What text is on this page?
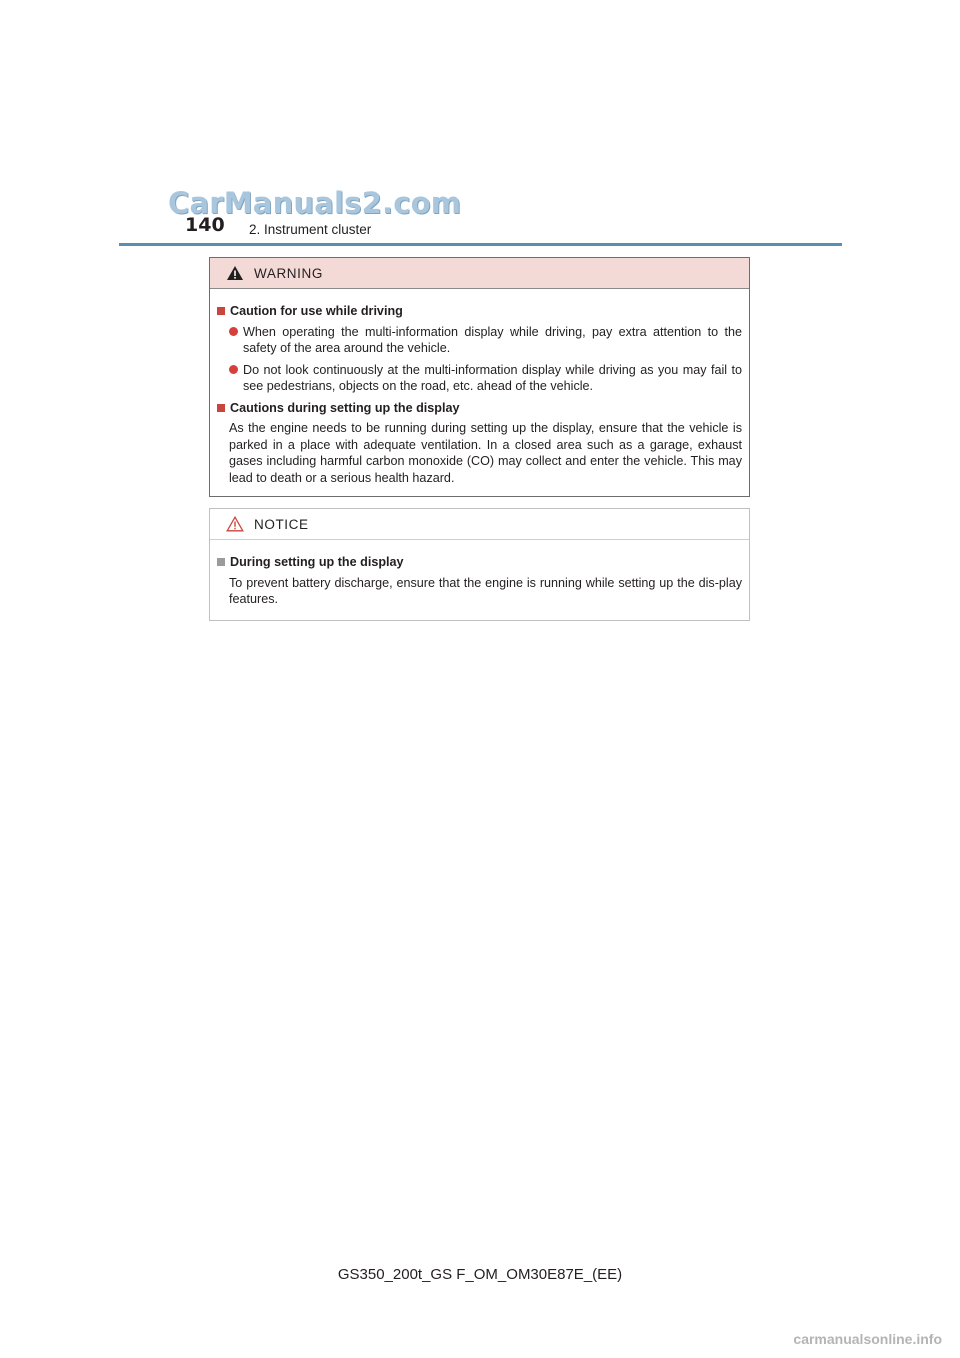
CarManuals2.com
140 2. Instrument cluster
WARNING
Caution for use while driving
When operating the multi-information display while driving, pay extra attention to the safety of the area around the vehicle.
Do not look continuously at the multi-information display while driving as you may fail to see pedestrians, objects on the road, etc. ahead of the vehicle.
Cautions during setting up the display
As the engine needs to be running during setting up the display, ensure that the vehicle is parked in a place with adequate ventilation. In a closed area such as a garage, exhaust gases including harmful carbon monoxide (CO) may collect and enter the vehicle. This may lead to death or a serious health hazard.
NOTICE
During setting up the display
To prevent battery discharge, ensure that the engine is running while setting up the dis-play features.
GS350_200t_GS F_OM_OM30E87E_(EE)
carmanualsonline.info
